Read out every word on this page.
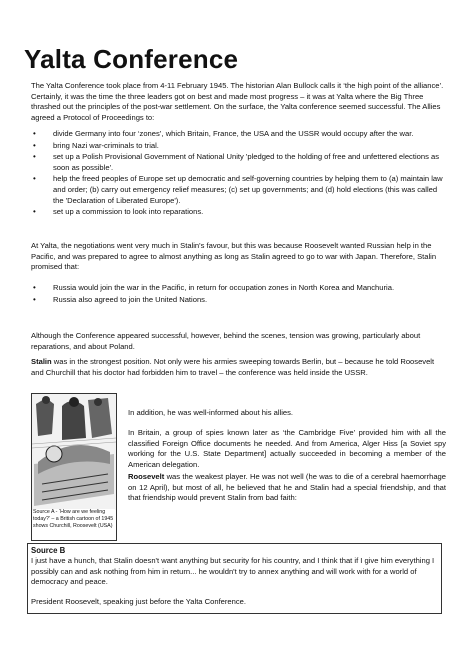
Yalta Conference

The Yalta Conference took place from 4-11 February 1945. The historian Alan Bullock calls it ‘the high point of the alliance’. Certainly, it was the time the three leaders got on best and made most progress – it was at Yalta where the Big Three thrashed out the principles of the post-war settlement. On the surface, the Yalta conference seemed successful. The Allies agreed a Protocol of Proceedings to:

• divide Germany into four ‘zones’, which Britain, France, the USA and the USSR would occupy after the war.
• bring Nazi war-criminals to trial.
• set up a Polish Provisional Government of National Unity 'pledged to the holding of free and unfettered elections as soon as possible'.
• help the freed peoples of Europe set up democratic and self-governing countries by helping them to (a) maintain law and order; (b) carry out emergency relief measures; (c) set up governments; and (d) hold elections (this was called the 'Declaration of Liberated Europe').
• set up a commission to look into reparations.

At Yalta, the negotiations went very much in Stalin's favour, but this was because Roosevelt wanted Russian help in the Pacific, and was prepared to agree to almost anything as long as Stalin agreed to go to war with Japan. Therefore, Stalin promised that:

• Russia would join the war in the Pacific, in return for occupation zones in North Korea and Manchuria.
• Russia also agreed to join the United Nations.

Although the Conference appeared successful, however, behind the scenes, tension was growing, particularly about reparations, and about Poland.

Stalin was in the strongest position. Not only were his armies sweeping towards Berlin, but – because he told Roosevelt and Churchill that his doctor had forbidden him to travel – the conference was held inside the USSR.

Source A - ‘How are we feeling today?’ – a British cartoon of 1945 shows Churchill, Roosevelt (USA)

In addition, he was well-informed about his allies.

In Britain, a group of spies known later as ‘the Cambridge Five’ provided him with all the classified Foreign Office documents he needed. And from America, Alger Hiss [a Soviet spy working for the U.S. State Department] actually succeeded in becoming a member of the American delegation.

Roosevelt was the weakest player. He was not well (he was to die of a cerebral haemorrhage on 12 April), but most of all, he believed that he and Stalin had a special friendship, and that that friendship would prevent Stalin from bad faith:

Source B

I just have a hunch, that Stalin doesn't want anything but security for his country, and I think that if I give him everything I possibly can and ask nothing from him in return... he wouldn't try to annex anything and will work with for a world of democracy and peace.

President Roosevelt, speaking just before the Yalta Conference.
